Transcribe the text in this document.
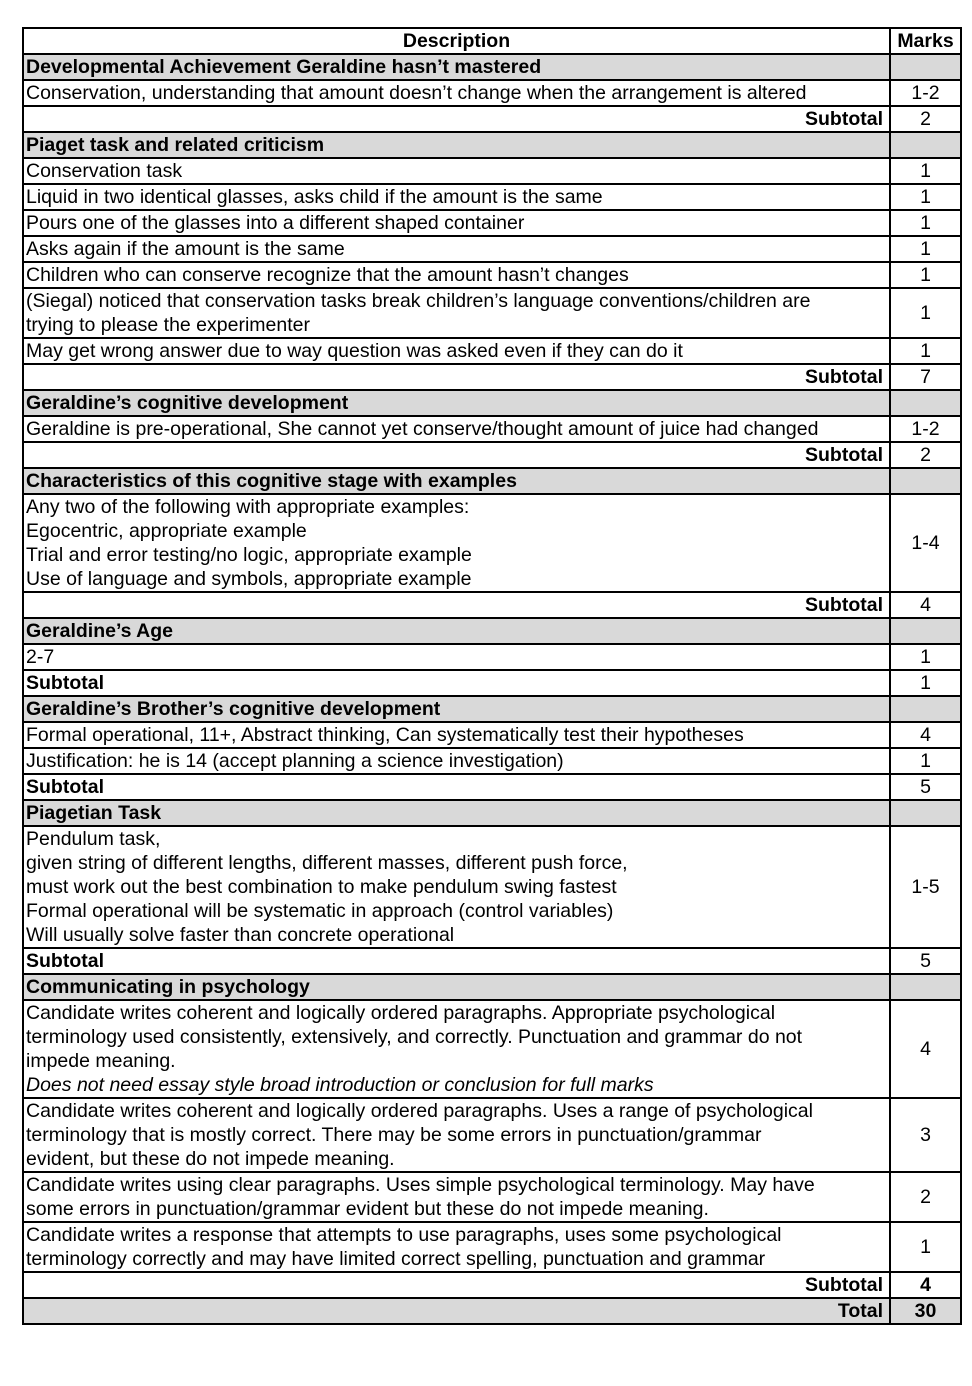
Description	Marks
Developmental Achievement Geraldine hasn’t mastered	

Conservation, understanding that amount doesn’t change when the arrangement is altered	1-2
Subtotal	2
Piaget task and related criticism	

Conservation task	1

Liquid in two identical glasses, asks child if the amount is the same	1

Pours one of the glasses into a different shaped container	1

Asks again if the amount is the same	1

Children who can conserve recognize that the amount hasn’t changes	1

(Siegal) noticed that conservation tasks break children’s language conventions/children are
trying to please the experimenter	1

May get wrong answer due to way question was asked even if they can do it	1
Subtotal	7
Geraldine’s cognitive development	

Geraldine is pre-operational, She cannot yet conserve/thought amount of juice had changed	1-2
Subtotal	2
Characteristics of this cognitive stage with examples	

Any two of the following with appropriate examples:
Egocentric, appropriate example
Trial and error testing/no logic, appropriate example
Use of language and symbols, appropriate example	1-4
Subtotal	4
Geraldine’s Age	

2-7	1
Subtotal	1
Geraldine’s Brother’s cognitive development	

Formal operational, 11+, Abstract thinking, Can systematically test their hypotheses	4

Justification: he is 14 (accept planning a science investigation)	1
Subtotal	5
Piagetian Task	

Pendulum task,
given string of different lengths, different masses, different push force,
must work out the best combination to make pendulum swing fastest
Formal operational will be systematic in approach (control variables)
Will usually solve faster than concrete operational	1-5
Subtotal	5
Communicating in psychology	

Candidate writes coherent and logically ordered paragraphs. Appropriate psychological
terminology used consistently, extensively, and correctly. Punctuation and grammar do not
impede meaning.
Does not need essay style broad introduction or conclusion for full marks	4

Candidate writes coherent and logically ordered paragraphs. Uses a range of psychological
terminology that is mostly correct. There may be some errors in punctuation/grammar
evident, but these do not impede meaning.	3

Candidate writes using clear paragraphs. Uses simple psychological terminology. May have
some errors in punctuation/grammar evident but these do not impede meaning.	2

Candidate writes a response that attempts to use paragraphs, uses some psychological
terminology correctly and may have limited correct spelling, punctuation and grammar	1
Subtotal	4
Total	30
